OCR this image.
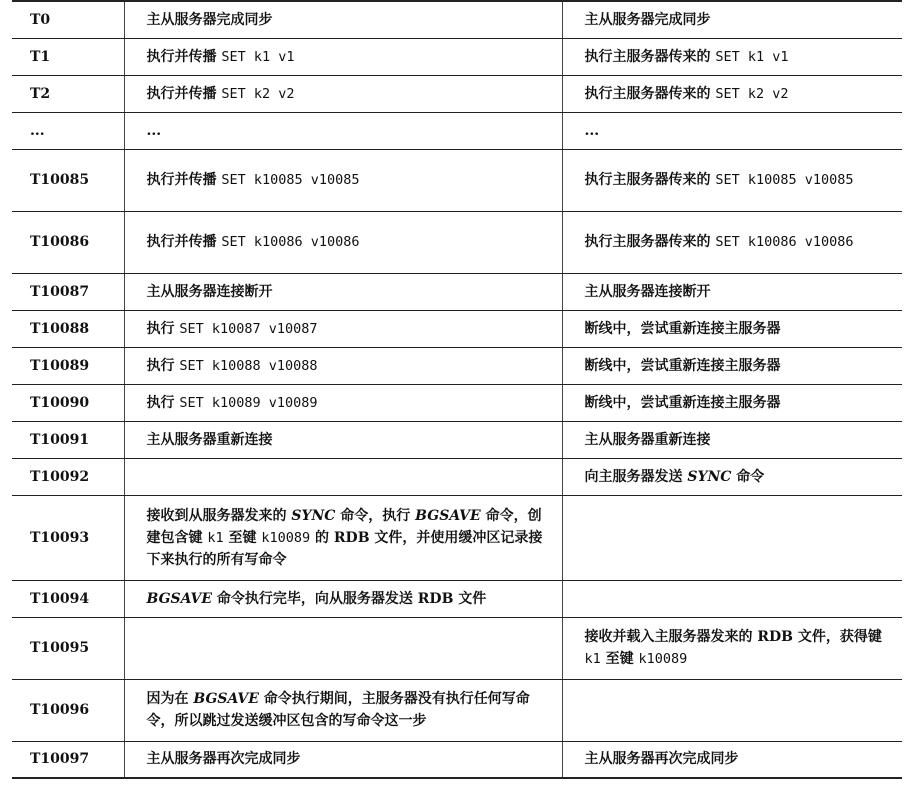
T0	主从服务器完成同步	主从服务器完成同步
T1	执行并传播 SET k1 v1	执行主服务器传来的 SET k1 v1
T2	执行并传播 SET k2 v2	执行主服务器传来的 SET k2 v2
...	...	...
T10085	执行并传播 SET k10085 v10085	执行主服务器传来的 SET k10085 v10085
T10086	执行并传播 SET k10086 v10086	执行主服务器传来的 SET k10086 v10086
T10087	主从服务器连接断开	主从服务器连接断开
T10088	执行 SET k10087 v10087	断线中，尝试重新连接主服务器
T10089	执行 SET k10088 v10088	断线中，尝试重新连接主服务器
T10090	执行 SET k10089 v10089	断线中，尝试重新连接主服务器
T10091	主从服务器重新连接	主从服务器重新连接
T10092		向主服务器发送 SYNC 命令
T10093	接收到从服务器发来的 SYNC 命令，执行 BGSAVE 命令，创建包含键 k1 至键 k10089 的 RDB 文件，并使用缓冲区记录接下来执行的所有写命令	
T10094	BGSAVE 命令执行完毕，向从服务器发送 RDB 文件	
T10095		接收并载入主服务器发来的 RDB 文件，获得键 k1 至键 k10089
T10096	因为在 BGSAVE 命令执行期间，主服务器没有执行任何写命令，所以跳过发送缓冲区包含的写命令这一步	
T10097	主从服务器再次完成同步	主从服务器再次完成同步
